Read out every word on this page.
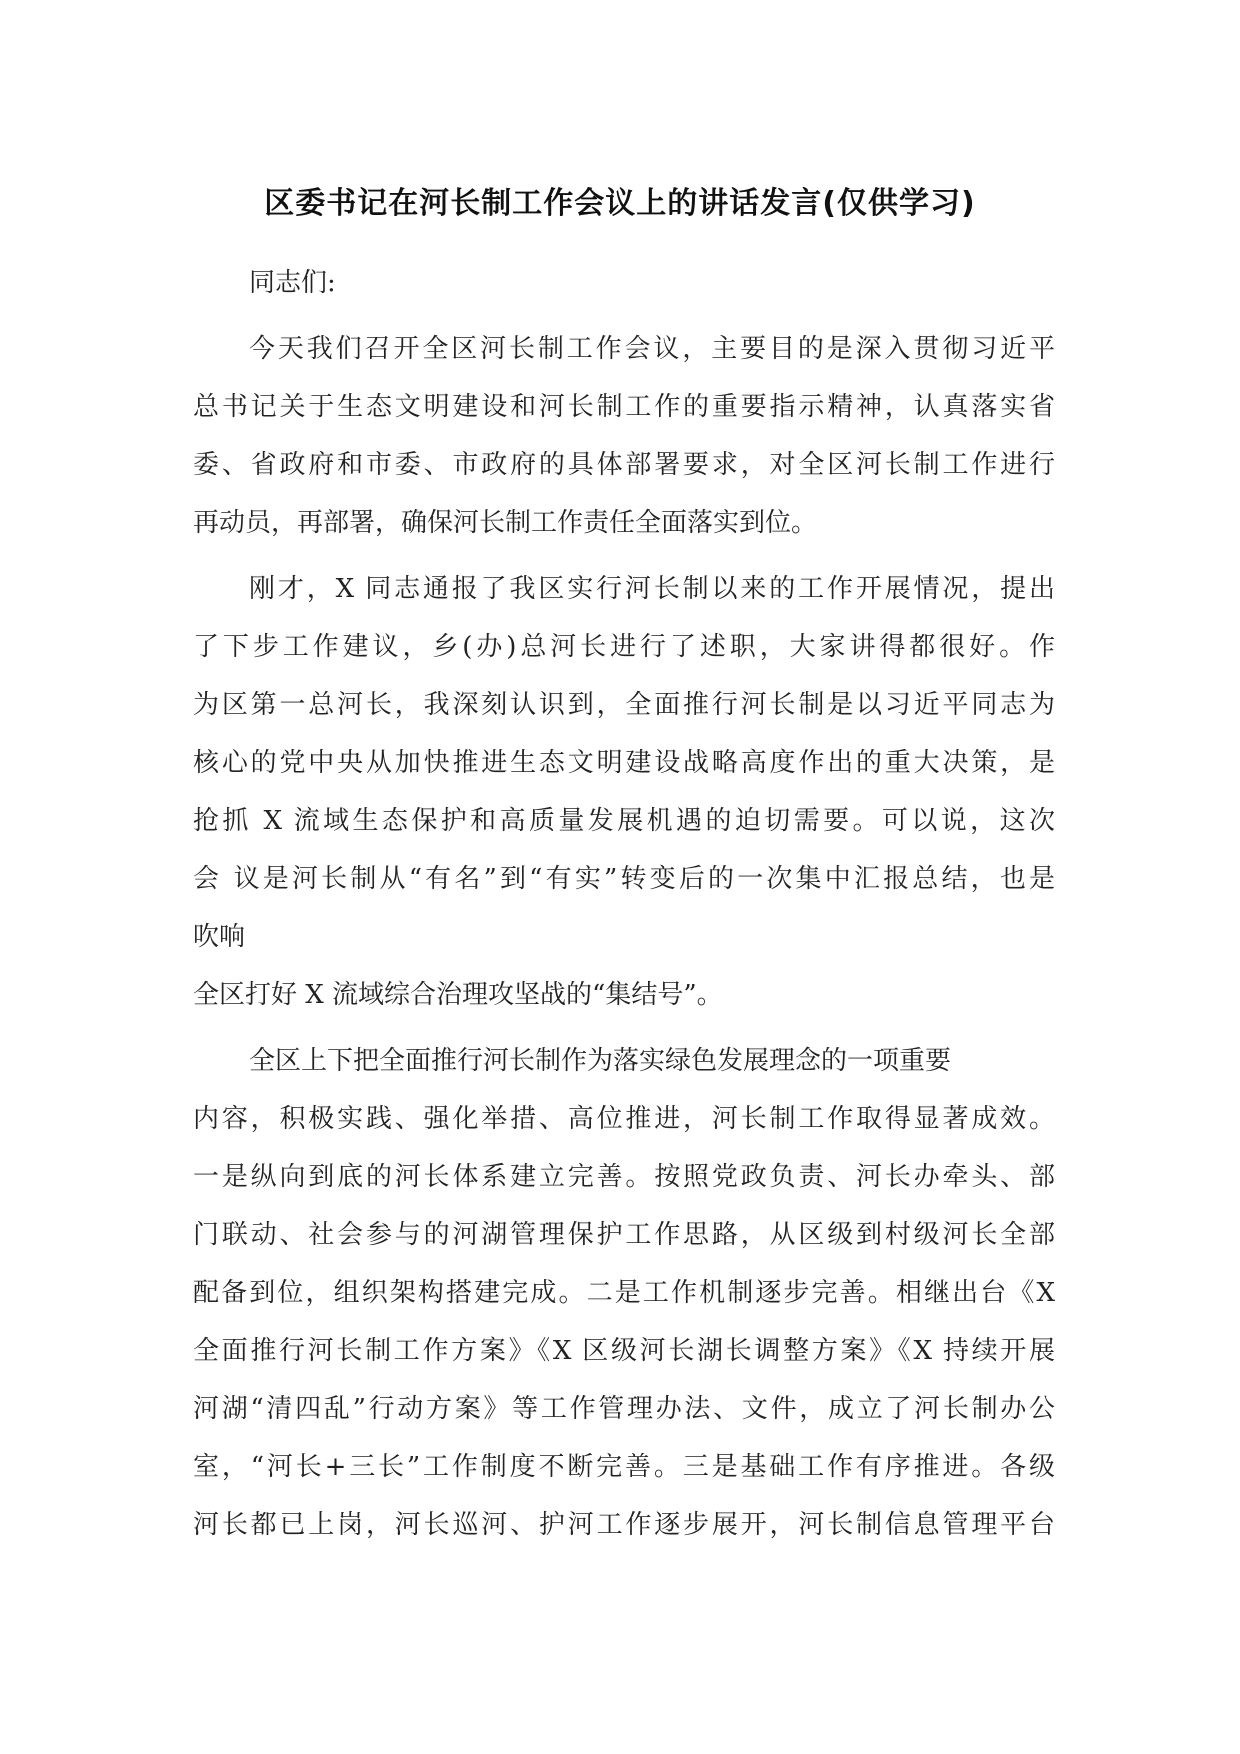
区委书记在河长制工作会议上的讲话发言(仅供学习)
同志们:
今天我们召开全区河长制工作会议，主要目的是深入贯彻习近平
总书记关于生态文明建设和河长制工作的重要指示精神，认真落实省
委、省政府和市委、市政府的具体部署要求，对全区河长制工作进行
再动员，再部署，确保河长制工作责任全面落实到位。
刚才，X 同志通报了我区实行河长制以来的工作开展情况，提出
了下步工作建议，乡(办)总河长进行了述职，大家讲得都很好。作
为区第一总河长，我深刻认识到，全面推行河长制是以习近平同志为
核心的党中央从加快推进生态文明建设战略高度作出的重大决策，是
抢抓 X 流域生态保护和高质量发展机遇的迫切需要。可以说，这次
会 议是河长制从“有名”到“有实”转变后的一次集中汇报总结，也是
吹响
全区打好 X 流域综合治理攻坚战的“集结号”。
全区上下把全面推行河长制作为落实绿色发展理念的一项重要
内容，积极实践、强化举措、高位推进，河长制工作取得显著成效。
一是纵向到底的河长体系建立完善。按照党政负责、河长办牵头、部
门联动、社会参与的河湖管理保护工作思路，从区级到村级河长全部
配备到位，组织架构搭建完成。二是工作机制逐步完善。相继出台《X
全面推行河长制工作方案》《X 区级河长湖长调整方案》《X 持续开展
河湖“清四乱”行动方案》等工作管理办法、文件，成立了河长制办公
室，“河长+三长”工作制度不断完善。三是基础工作有序推进。各级
河长都已上岗，河长巡河、护河工作逐步展开，河长制信息管理平台
